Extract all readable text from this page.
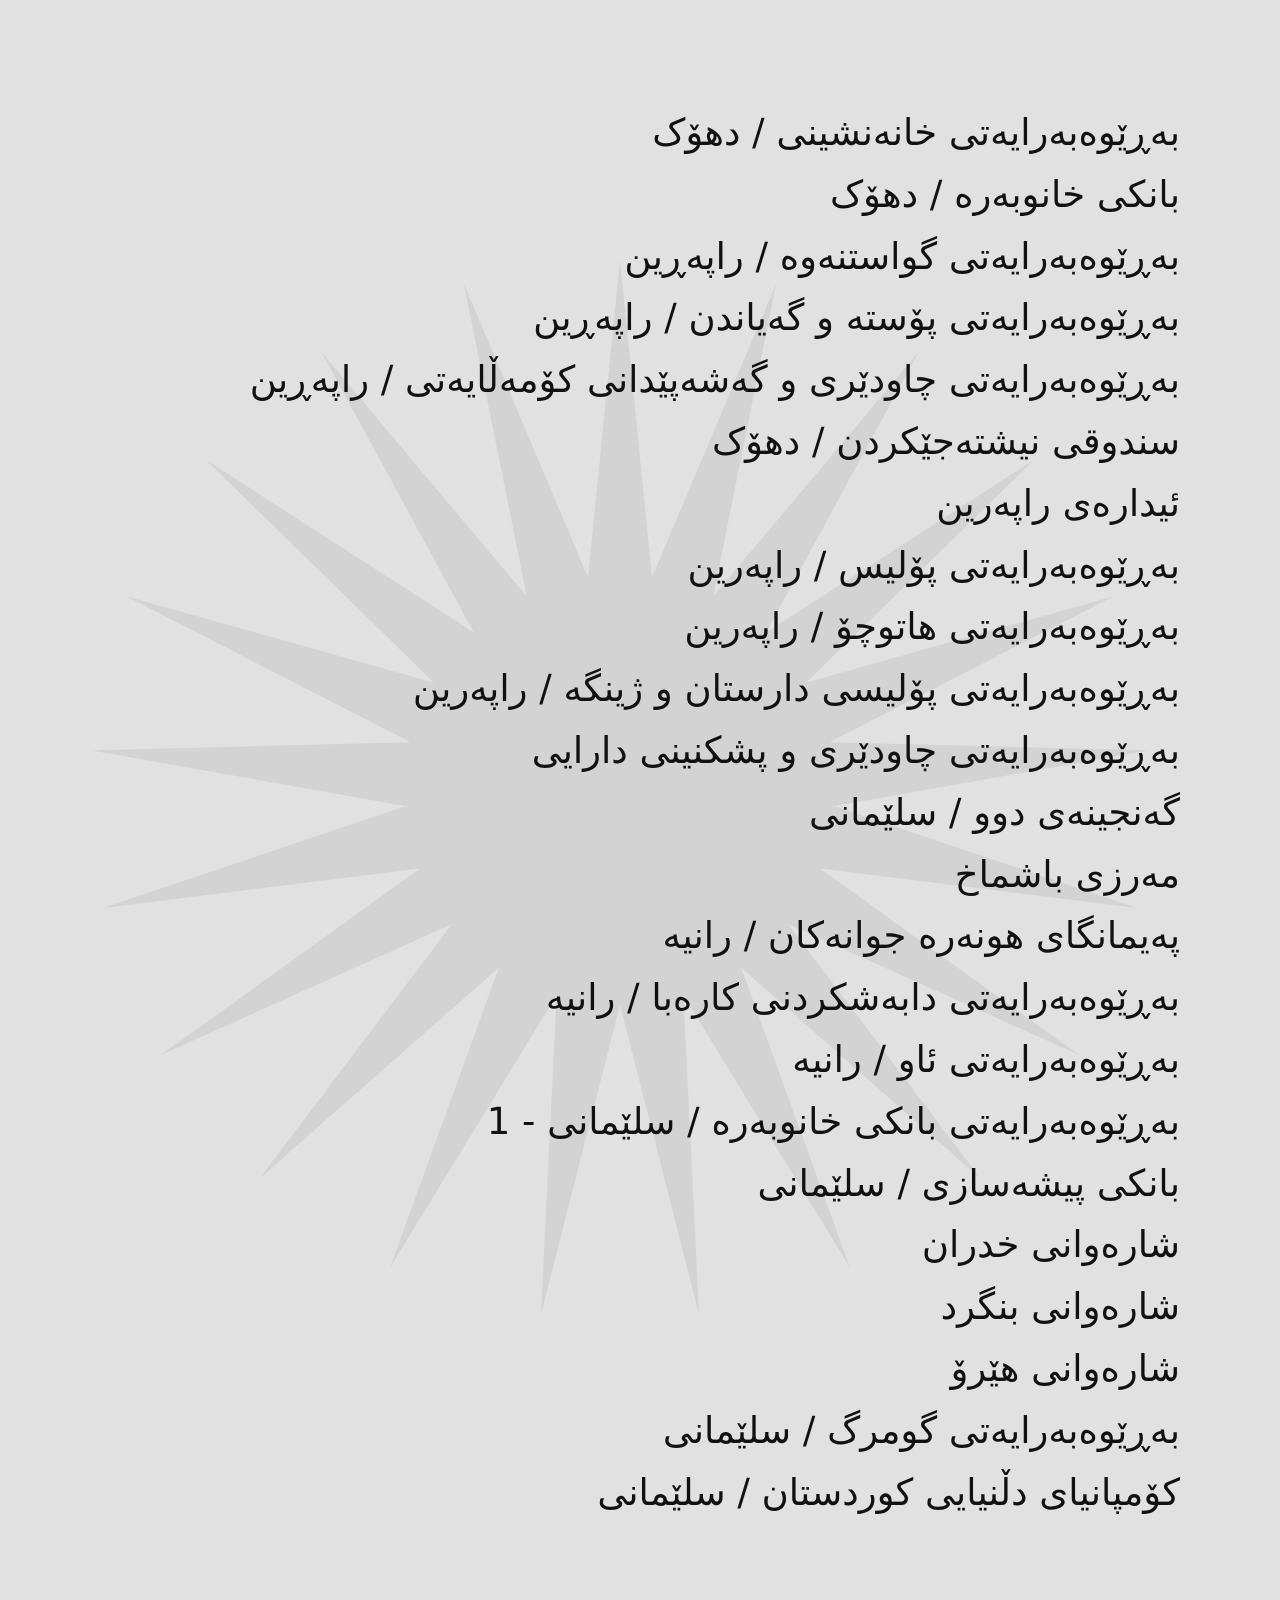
بەڕێوەبەرایەتی خانەنشینی / دهۆک
بانکی خانوبەرە / دهۆک
بەڕێوەبەرایەتی گواستنەوە / راپەڕین
بەڕێوەبەرایەتی پۆستە و گەیاندن / راپەڕین
بەڕێوەبەرایەتی چاودێری و گەشەپێدانی کۆمەڵایەتی / راپەڕین
سندوقی نیشتەجێکردن / دهۆک
ئیدارەی راپەرین
بەڕێوەبەرایەتی پۆلیس / راپەرین
بەڕێوەبەرایەتی هاتوچۆ / راپەرین
بەڕێوەبەرایەتی پۆلیسی دارستان و ژینگە / راپەرین
بەڕێوەبەرایەتی چاودێری و پشکنینی دارایی
گەنجینەی دوو / سلێمانی
مەرزی باشماخ
پەیمانگای هونەرە جوانەکان / رانیە
بەڕێوەبەرایەتی دابەشکردنی کارەبا / رانیە
بەڕێوەبەرایەتی ئاو / رانیە
بەڕێوەبەرایەتی بانکی خانوبەرە / سلێمانی - 1
بانکی پیشەسازی / سلێمانی
شارەوانی خدران
شارەوانی بنگرد
شارەوانی هێرۆ
بەڕێوەبەرایەتی گومرگ / سلێمانی
کۆمپانیای دڵنیایی کوردستان / سلێمانی
